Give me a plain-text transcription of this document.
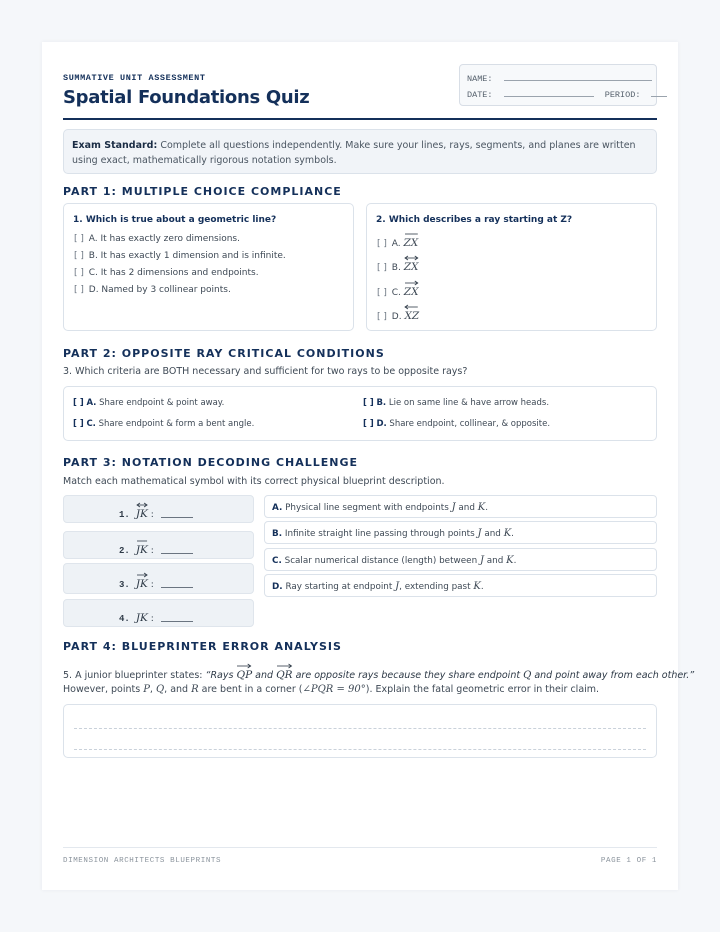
SUMMATIVE UNIT ASSESSMENT
Spatial Foundations Quiz
NAME:
DATE:	PERIOD:
Exam Standard: Complete all questions independently. Make sure your lines, rays, segments, and planes are written using exact, mathematically rigorous notation symbols.
PART 1: MULTIPLE CHOICE COMPLIANCE
1. Which is true about a geometric line?
[ ] A. It has exactly zero dimensions.
[ ] B. It has exactly 1 dimension and is infinite.
[ ] C. It has 2 dimensions and endpoints.
[ ] D. Named by 3 collinear points.
2. Which describes a ray starting at Z?
[ ] A. ZX
[ ] B. ZX
[ ] C. ZX
[ ] D. XZ
PART 2: OPPOSITE RAY CRITICAL CONDITIONS
3. Which criteria are BOTH necessary and sufficient for two rays to be opposite rays?
[ ] A. Share endpoint & point away.	[ ] B. Lie on same line & have arrow heads.
[ ] C. Share endpoint & form a bent angle.	[ ] D. Share endpoint, collinear, & opposite.
PART 3: NOTATION DECODING CHALLENGE
Match each mathematical symbol with its correct physical blueprint description.
1. JK
:
2. JK
:
3. JK
:
4. JK :
A. Physical line segment with endpoints J and K.
B. Infinite straight line passing through points J and K.
C. Scalar numerical distance (length) between J and K.
D. Ray starting at endpoint J, extending past K.
PART 4: BLUEPRINTER ERROR ANALYSIS
5. A junior blueprinter states: “Rays QP
and QR
are opposite rays because they share endpoint Q and point away from each other.”
However, points P, Q, and R are bent in a corner (∠PQR = 90°). Explain the fatal geometric error in their claim.
DIMENSION ARCHITECTS BLUEPRINTS	PAGE 1 OF 1
